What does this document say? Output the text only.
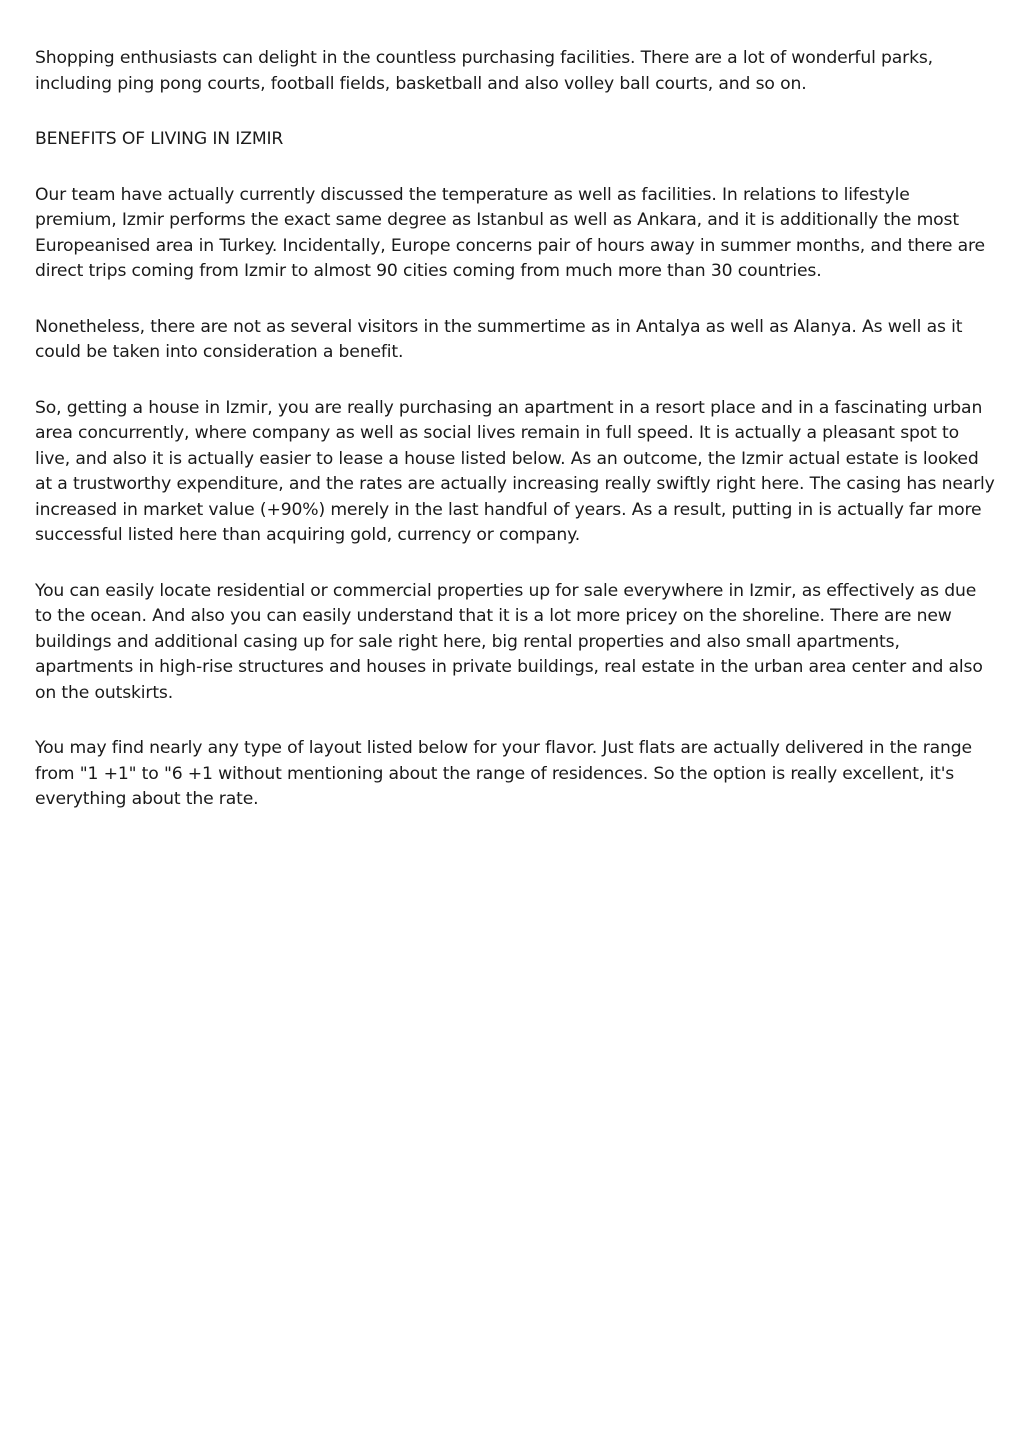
Shopping enthusiasts can delight in the countless purchasing facilities. There are a lot of wonderful parks, including ping pong courts, football fields, basketball and also volley ball courts, and so on.

BENEFITS OF LIVING IN IZMIR

Our team have actually currently discussed the temperature as well as facilities. In relations to lifestyle premium, Izmir performs the exact same degree as Istanbul as well as Ankara, and it is additionally the most Europeanised area in Turkey. Incidentally, Europe concerns pair of hours away in summer months, and there are direct trips coming from Izmir to almost 90 cities coming from much more than 30 countries.

Nonetheless, there are not as several visitors in the summertime as in Antalya as well as Alanya. As well as it could be taken into consideration a benefit.

So, getting a house in Izmir, you are really purchasing an apartment in a resort place and in a fascinating urban area concurrently, where company as well as social lives remain in full speed. It is actually a pleasant spot to live, and also it is actually easier to lease a house listed below. As an outcome, the Izmir actual estate is looked at a trustworthy expenditure, and the rates are actually increasing really swiftly right here. The casing has nearly increased in market value (+90%) merely in the last handful of years. As a result, putting in is actually far more successful listed here than acquiring gold, currency or company.

You can easily locate residential or commercial properties up for sale everywhere in Izmir, as effectively as due to the ocean. And also you can easily understand that it is a lot more pricey on the shoreline. There are new buildings and additional casing up for sale right here, big rental properties and also small apartments, apartments in high-rise structures and houses in private buildings, real estate in the urban area center and also on the outskirts.

You may find nearly any type of layout listed below for your flavor. Just flats are actually delivered in the range from "1 +1" to "6 +1 without mentioning about the range of residences. So the option is really excellent, it's everything about the rate.
